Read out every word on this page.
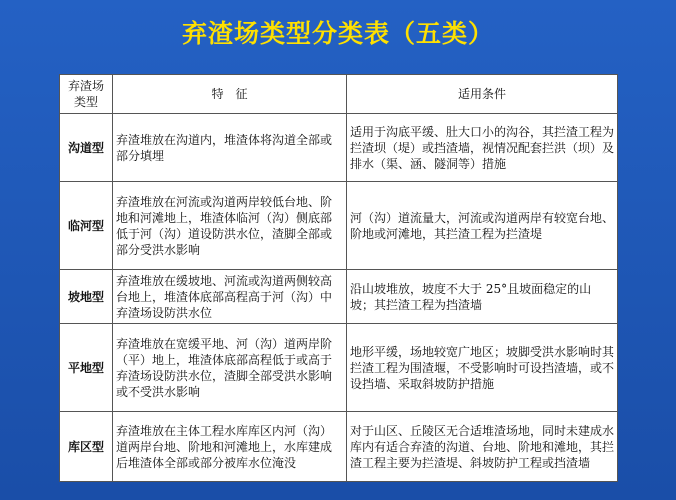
弃渣场类型分类表（五类）
弃渣场类型	特　征	适用条件
沟道型	弃渣堆放在沟道内，堆渣体将沟道全部或部分填埋	适用于沟底平缓、肚大口小的沟谷，其拦渣工程为拦渣坝（堤）或挡渣墙，视情况配套拦洪（坝）及排水（渠、涵、隧洞等）措施
临河型	弃渣堆放在河流或沟道两岸较低台地、阶地和河滩地上，堆渣体临河（沟）侧底部低于河（沟）道设防洪水位，渣脚全部或部分受洪水影响	河（沟）道流量大，河流或沟道两岸有较宽台地、阶地或河滩地，其拦渣工程为拦渣堤
坡地型	弃渣堆放在缓坡地、河流或沟道两侧较高台地上，堆渣体底部高程高于河（沟）中弃渣场设防洪水位	沿山坡堆放，坡度不大于 25°且坡面稳定的山坡；其拦渣工程为挡渣墙
平地型	弃渣堆放在宽缓平地、河（沟）道两岸阶（平）地上，堆渣体底部高程低于或高于弃渣场设防洪水位，渣脚全部受洪水影响或不受洪水影响	地形平缓，场地较宽广地区；坡脚受洪水影响时其拦渣工程为围渣堰，不受影响时可设挡渣墙，或不设挡墙、采取斜坡防护措施
库区型	弃渣堆放在主体工程水库库区内河（沟）道两岸台地、阶地和河滩地上，水库建成后堆渣体全部或部分被库水位淹没	对于山区、丘陵区无合适堆渣场地，同时未建成水库内有适合弃渣的沟道、台地、阶地和滩地，其拦渣工程主要为拦渣堤、斜坡防护工程或挡渣墙
